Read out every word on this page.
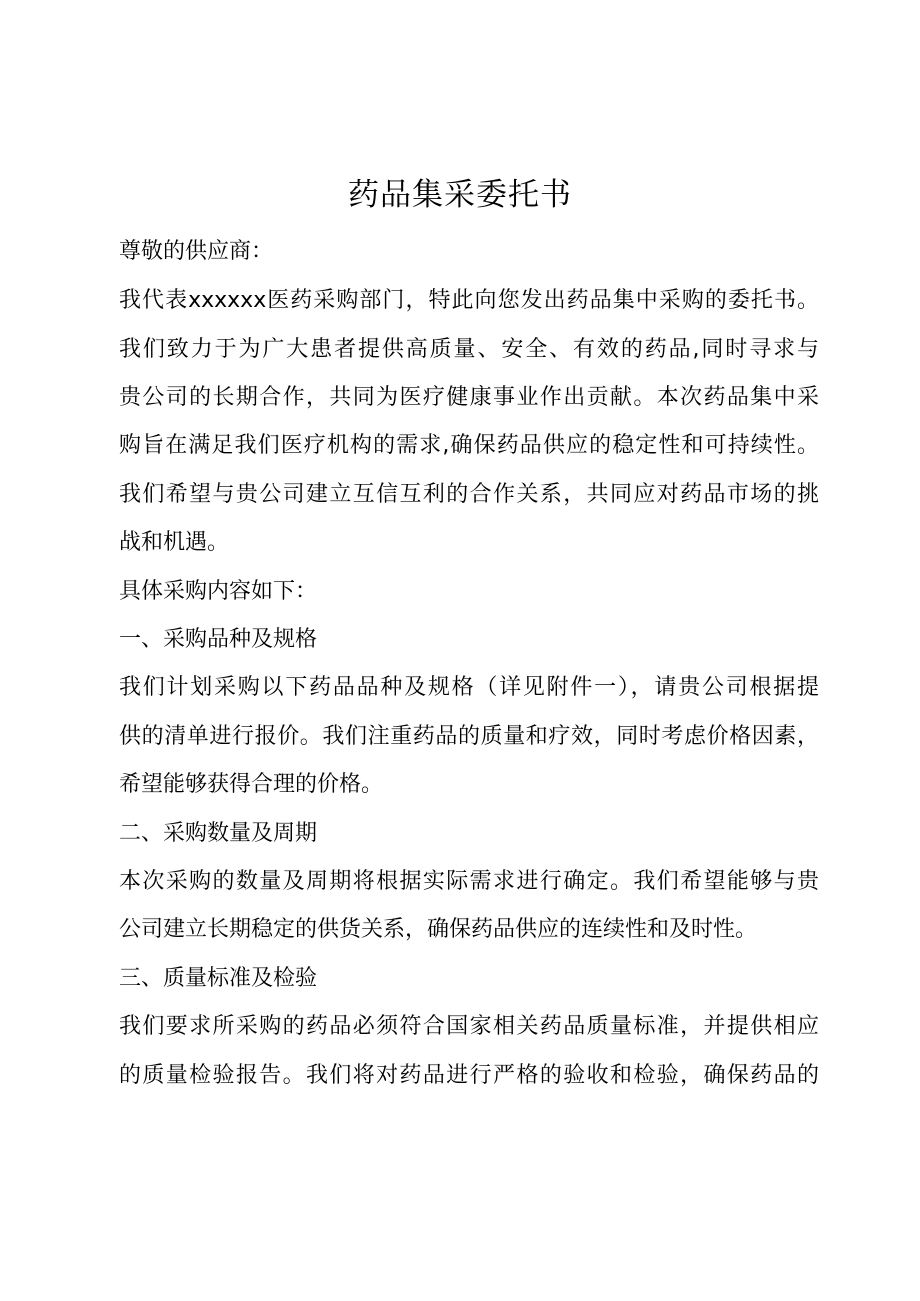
药品集采委托书
尊敬的供应商：
我代表xxxxxx医药采购部门，特此向您发出药品集中采购的委托书。
我们致力于为广大患者提供高质量、安全、有效的药品,同时寻求与
贵公司的长期合作，共同为医疗健康事业作出贡献。本次药品集中采
购旨在满足我们医疗机构的需求,确保药品供应的稳定性和可持续性。
我们希望与贵公司建立互信互利的合作关系，共同应对药品市场的挑
战和机遇。
具体采购内容如下：
一、采购品种及规格
我们计划采购以下药品品种及规格（详见附件一），请贵公司根据提
供的清单进行报价。我们注重药品的质量和疗效，同时考虑价格因素，
希望能够获得合理的价格。
二、采购数量及周期
本次采购的数量及周期将根据实际需求进行确定。我们希望能够与贵
公司建立长期稳定的供货关系，确保药品供应的连续性和及时性。
三、质量标准及检验
我们要求所采购的药品必须符合国家相关药品质量标准，并提供相应
的质量检验报告。我们将对药品进行严格的验收和检验，确保药品的
